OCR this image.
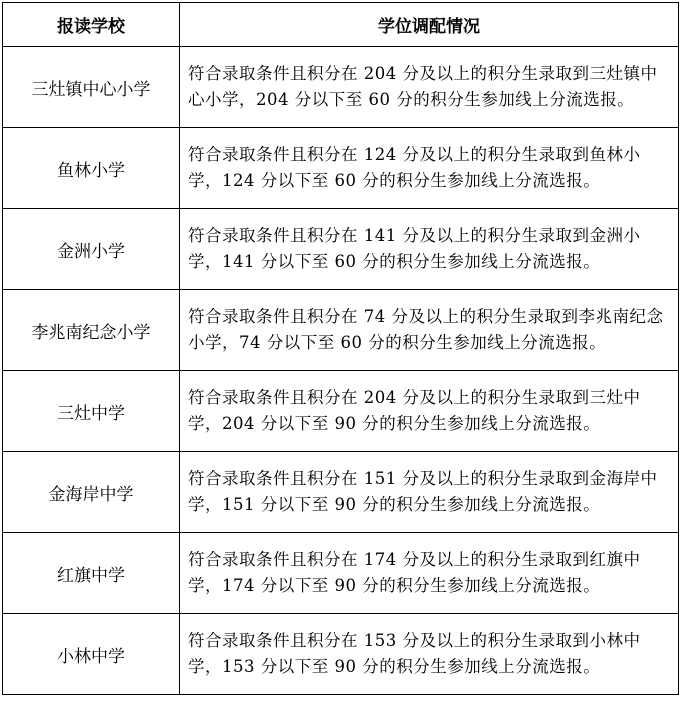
报读学校	学位调配情况
三灶镇中心小学	符合录取条件且积分在 204 分及以上的积分生录取到三灶镇中心小学，204 分以下至 60 分的积分生参加线上分流选报。
鱼林小学	符合录取条件且积分在 124 分及以上的积分生录取到鱼林小学，124 分以下至 60 分的积分生参加线上分流选报。
金洲小学	符合录取条件且积分在 141 分及以上的积分生录取到金洲小学，141 分以下至 60 分的积分生参加线上分流选报。
李兆南纪念小学	符合录取条件且积分在 74 分及以上的积分生录取到李兆南纪念小学，74 分以下至 60 分的积分生参加线上分流选报。
三灶中学	符合录取条件且积分在 204 分及以上的积分生录取到三灶中学，204 分以下至 90 分的积分生参加线上分流选报。
金海岸中学	符合录取条件且积分在 151 分及以上的积分生录取到金海岸中学，151 分以下至 90 分的积分生参加线上分流选报。
红旗中学	符合录取条件且积分在 174 分及以上的积分生录取到红旗中学，174 分以下至 90 分的积分生参加线上分流选报。
小林中学	符合录取条件且积分在 153 分及以上的积分生录取到小林中学，153 分以下至 90 分的积分生参加线上分流选报。
